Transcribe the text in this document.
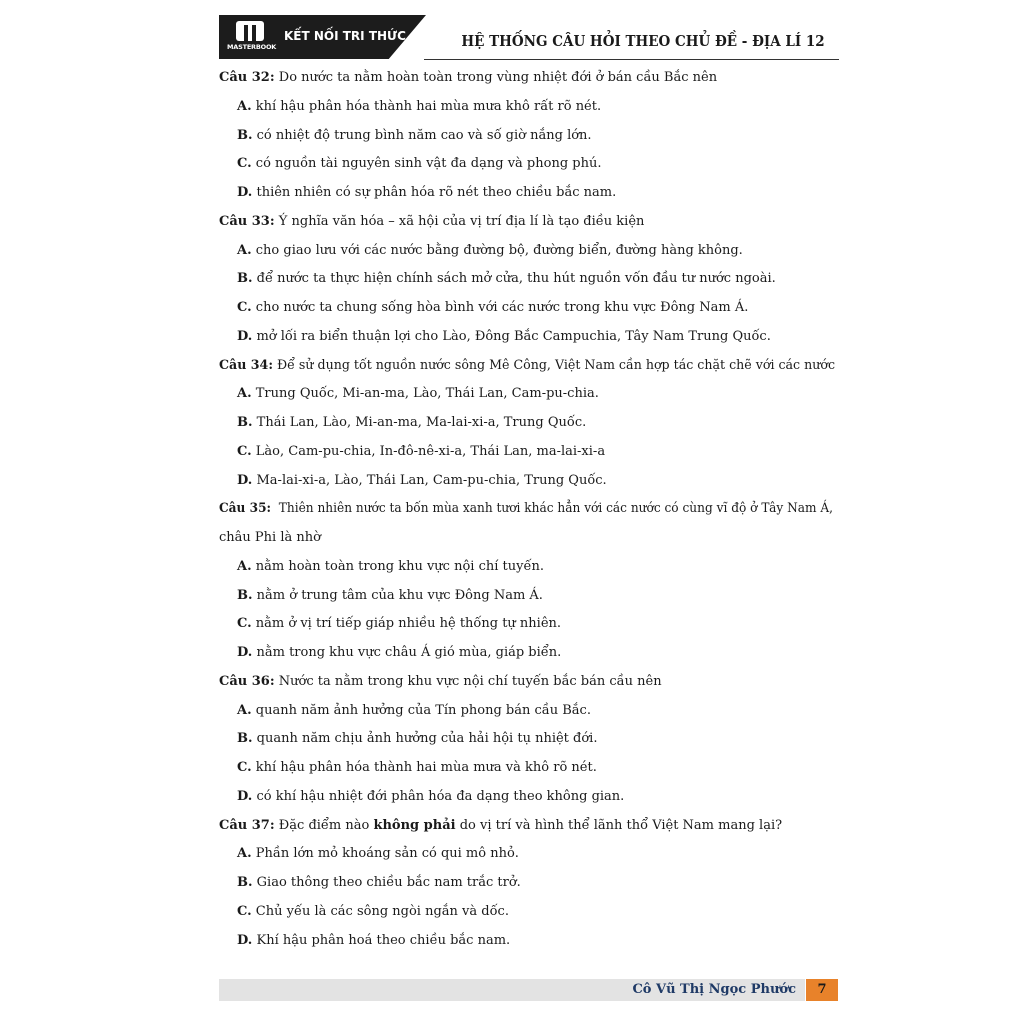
MASTERBOOK
KẾT NỐI TRI THỨC	HỆ THỐNG CÂU HỎI THEO CHỦ ĐỀ - ĐỊA LÍ 12

Câu 32: Do nước ta nằm hoàn toàn trong vùng nhiệt đới ở bán cầu Bắc nên

A. khí hậu phân hóa thành hai mùa mưa khô rất rõ nét.

B. có nhiệt độ trung bình năm cao và số giờ nắng lớn.

C. có nguồn tài nguyên sinh vật đa dạng và phong phú.

D. thiên nhiên có sự phân hóa rõ nét theo chiều bắc nam.

Câu 33: Ý nghĩa văn hóa – xã hội của vị trí địa lí là tạo điều kiện

A. cho giao lưu với các nước bằng đường bộ, đường biển, đường hàng không.

B. để nước ta thực hiện chính sách mở cửa, thu hút nguồn vốn đầu tư nước ngoài.

C. cho nước ta chung sống hòa bình với các nước trong khu vực Đông Nam Á.

D. mở lối ra biển thuận lợi cho Lào, Đông Bắc Campuchia, Tây Nam Trung Quốc.

Câu 34: Để sử dụng tốt nguồn nước sông Mê Công, Việt Nam cần hợp tác chặt chẽ với các nước

A. Trung Quốc, Mi-an-ma, Lào, Thái Lan, Cam-pu-chia.

B. Thái Lan, Lào, Mi-an-ma, Ma-lai-xi-a, Trung Quốc.

C. Lào, Cam-pu-chia, In-đô-nê-xi-a, Thái Lan, ma-lai-xi-a

D. Ma-lai-xi-a, Lào, Thái Lan, Cam-pu-chia, Trung Quốc.

Câu 35: Thiên nhiên nước ta bốn mùa xanh tươi khác hẳn với các nước có cùng vĩ độ ở Tây Nam Á,

châu Phi là nhờ

A. nằm hoàn toàn trong khu vực nội chí tuyến.

B. nằm ở trung tâm của khu vực Đông Nam Á.

C. nằm ở vị trí tiếp giáp nhiều hệ thống tự nhiên.

D. nằm trong khu vực châu Á gió mùa, giáp biển.

Câu 36: Nước ta nằm trong khu vực nội chí tuyến bắc bán cầu nên

A. quanh năm ảnh hưởng của Tín phong bán cầu Bắc.

B. quanh năm chịu ảnh hưởng của hải hội tụ nhiệt đới.

C. khí hậu phân hóa thành hai mùa mưa và khô rõ nét.

D. có khí hậu nhiệt đới phân hóa đa dạng theo không gian.

Câu 37: Đặc điểm nào không phải do vị trí và hình thể lãnh thổ Việt Nam mang lại?

A. Phần lớn mỏ khoáng sản có qui mô nhỏ.

B. Giao thông theo chiều bắc nam trắc trở.

C. Chủ yếu là các sông ngòi ngắn và dốc.

D. Khí hậu phân hoá theo chiều bắc nam.

Cô Vũ Thị Ngọc Phước	7
